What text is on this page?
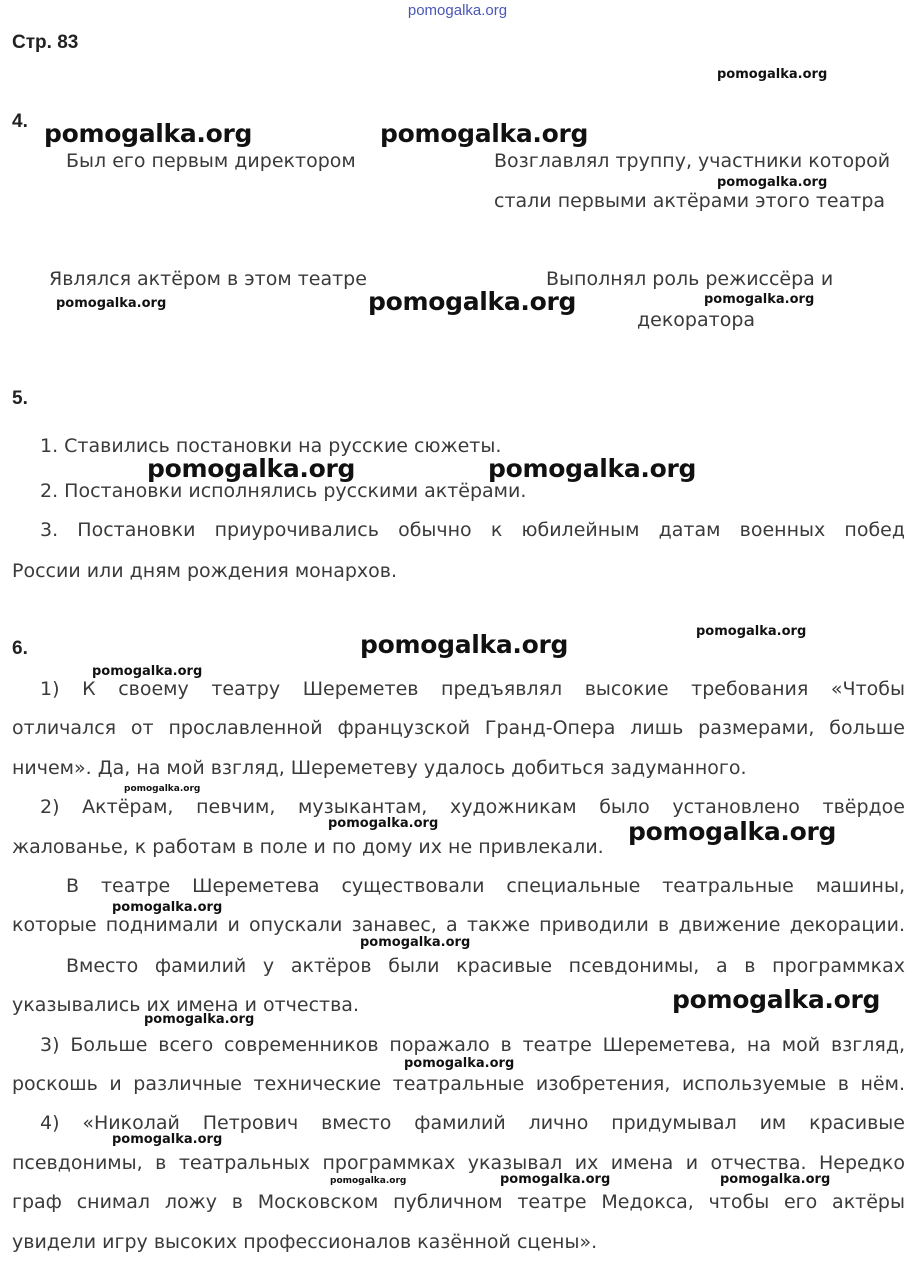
pomogalka.org
Стр. 83
4.
Был его первым директором	Возглавлял труппу, участники которой
стали первыми актёрами этого театра
Являлся актёром в этом театре	Выполнял роль режиссёра и
декоратора
5.
1. Ставились постановки на русские сюжеты.
2. Постановки исполнялись русскими актёрами.
3. Постановки приурочивались обычно к юбилейным датам военных побед
России или дням рождения монархов.
6.
1) К своему театру Шереметев предъявлял высокие требования «Чтобы
отличался от прославленной французской Гранд-Опера лишь размерами, больше
ничем». Да, на мой взгляд, Шереметеву удалось добиться задуманного.
2) Актёрам, певчим, музыкантам, художникам было установлено твёрдое
жалованье, к работам в поле и по дому их не привлекали.
В театре Шереметева существовали специальные театральные машины,
которые поднимали и опускали занавес, а также приводили в движение декорации.
Вместо фамилий у актёров были красивые псевдонимы, а в программках
указывались их имена и отчества.
3) Больше всего современников поражало в театре Шереметева, на мой взгляд,
роскошь и различные технические театральные изобретения, используемые в нём.
4) «Николай Петрович вместо фамилий лично придумывал им красивые
псевдонимы, в театральных программках указывал их имена и отчества. Нередко
граф снимал ложу в Московском публичном театре Медокса, чтобы его актёры
увидели игру высоких профессионалов казённой сцены».
pomogalka.org
pomogalka.org	pomogalka.org
pomogalka.org
pomogalka.org	pomogalka.org	pomogalka.org
pomogalka.org	pomogalka.org
pomogalka.org	pomogalka.org
pomogalka.org
pomogalka.org
pomogalka.org	pomogalka.org
pomogalka.org
pomogalka.org
pomogalka.org
pomogalka.org
pomogalka.org
pomogalka.org
pomogalka.org	pomogalka.org	pomogalka.org
